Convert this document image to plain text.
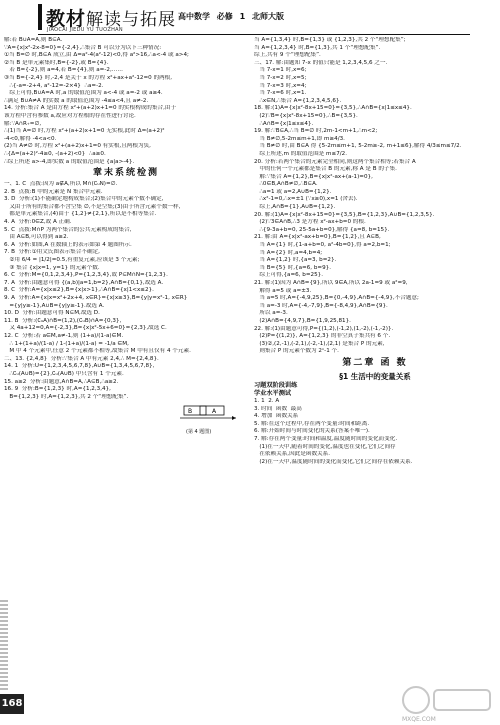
教材解读与拓展
JIAOCAI JIEDU YU TUOZHAN
高中数学 必修 1 北师大版
解:若 B∪A=A,则 B⊆A.
∵A={x|x²-2x-8=0}={-2,4},∴集合 B 可以分为以下三种情况:
①当 B=∅ 时,B⊆A 成立,由 Δ=a²-4(a²-12)<0,得 a²>16,∴a<-4 或 a>4;
②当 B 是单元素集时,B={-2},或 B={4}.
若 B={-2},则 a=4,若 B={4},则 a=-2,……
③当 B={-2,4} 时,-2,4 是关于 x 的方程 x²+ax+a²-12=0 的两根,
∴{-a=-2+4, a²-12=-2×4}  ∴a=-2.
综上可得,B∪A=A 时,a 的取值范围为 a<-4 或 a=-2 或 a≥4.
∴满足 B∪A≠A 的实数 a 的取值范围为 -4≤a<4,且 a≠-2.
14. 分析:集合 A 是由方程 x²+(a+2)x+1=0 的实根构成的集合,由于
该方程中含有参数 a,故应对方程根的存在性进行讨论.
解:∵A∩R₊=∅,
∴(1)当 A=∅ 时,方程 x²+(a+2)x+1=0 无实根,此时 Δ=(a+2)²
-4<0,解得 -4<a<0.
(2)当 A≠∅ 时,方程 x²+(a+2)x+1=0 有实根,且两根为负,
∴{Δ=(a+2)²-4≥0, -(a+2)<0}  ∴a≥0.
∴综上所述 a>-4,即实数 a 的取值范围是 {a|a>-4}.
章末系统检测
一、1. C  点拨:因为 a∉A,所以 M∩(∁ᵤN)=∅.
2. B  点拨:B 中的元素是 N 集合中元素.
3. D  分析:(1)不能确定地构成集合;(2)集合中的元素个数不确定,
又由于所有的集合都不含空集 ∅,不是空集;(3)由于所含元素个数一样,
都是单元素集合,(4)由于 {1,2}≠{2,1},所以是不相等集合.
4. A  分析:0∈Z,故 A 正确.
5. C  点拨:M∩P 为两个集合的公共元素构成的集合,
由 A⊆B,可以得到 a≥2.
6. A  分析:如图,A 在数轴上的表示如第 4 题图所示.
7. B  分析:①用文氏图表示集合不确定,
②用 6/4 = |1/2|=0.5,有重复元素,应该是 3 个元素;
③ 集合 {x|x=1, y=1} 的元素个数.
6. C  分析:M={0,1,2,3,4},P={1,2,3,4},故 P⊆M∩N={1,2,3}.
7. A  分析:由题意可得 {(a,b)|a=1,b=2},A∩B={0,1},故选 A.
8. C  分析:A={x|x≤2},B={x|x>1},∴A∩B={x|1<x≤2}.
9. A  分析:A={x|x=x²+2x+4, x∈R}={x|x≥3},B={y|y=x²-1, x∈R}
={y|y≥-1},A∪B={y|y≥-1}.故选 A.
10. D  分析:由题意可得 N⊆M,故选 D.
11. B  分析:(∁ᵤA)∩B=(1,2),(∁ᵤB)∩A={0,3},
又 4a+12=0,A={-2,3},B={x|x²-5x+6=0}={2,3},故选 C.
12. C  分析:若 a∈M,a≠-1,则 (1+a)/(1-a)∈M.
∴ 1+(1+a)/(1-a) / 1-(1+a)/(1-a) = -1/a ∈M,
M 中 4 个元素中,任意 2 个元素都不相等,故集合 M 中有且仅有 4 个元素.
二、13. {2,4,8}  分析:∵集合 A 中有元素 2,4,∴ M={2,4,8}.
14. 1  分析:U={1,2,3,4,5,6,7,8},A∪B={1,3,4,5,6,7,8},
∴∁ᵤ(A∪B)={2},∁ᵤ(A∪B) 中只含有 1 个元素.
15. a≥2  分析:由题意,A∩B=A,∴A⊆B,∴a≥2.
16. 9  分析:B={1,2,3} 时,A={1,2,3,4},
B={1,2,3} 时,A={1,2,3},共 2 个“理想配集”.
B	A
(第 4 题图)
当 A={1,3,4} 时,B={1,3} 或 {1,2,3},共 2 个“理想配集”;
当 A={1,2,3,4} 时,B={1,3},共 1 个“理想配集”.
综上,共有 9 个“理想配集”.
三、17. 解:由题知 7-x 的值只能是 1,2,3,4,5,6 之一.
当 7-x=1 时,x=6;
当 7-x=2 时,x=5;
当 7-x=3 时,x=4;
当 7-x=6 时,x=1.
∴x∈N,∴集合 A={1,2,3,4,5,6}.
18. 解:(1)A={x|x²-8x+15=0}={3,5},∴A∩B={x|1≤x≤4}.
(2)∵B={x|x²-8x+15=0},∴B={3,5}.
∴A∩B={x|1≤x≤4}.
19. 解:∵B⊆A,∴当 B=∅ 时,2m-1<m+1,∴m<2;
当 B≠∅,5-2m≤m+1,即 m≥4/3.
当 B≠∅ 时,由 B⊆A 得 {5-2m≤m+1, 5-2m≥-2, m+1≤6},解得 4/3≤m≤7/2.
综上所述,m 的取值范围是 m≤7/2.
20. 分析:若两个集合的元素完全相同,则这两个集合相等;若集合 A
中的任何一个元素都是集合 B 的元素,称 A 是 B 的子集.
解:∵集合 A={1,2},B={x|x²-ax+(a-1)=0},
∴0∈B,A∩B≠∅,∴B⊆A.
∴a=1 或 a=2,A∪B={1,2}.
∴x²-1=0,∴x=±1 (∵x≥0),x=1 (舍去).
综上,A∩B={1},A∪B={1,2}.
20. 解:(1)A={x|x²-8x+15=0}={3,5},B={1,2,3},A∪B={1,2,3,5}.
(2)∵3∈A∩B,∴3 是方程 x²-ax+b=0 的根.
∴{9-3a+b=0, 25-5a+b=0},解得 {a=8, b=15}.
21. 解:由 A={x|x²-ax+b=0},B={1,2},且 A⊆B,
当 A={1} 时,{1-a+b=0, a²-4b=0},得 a=2,b=1;
当 A={2} 时,a=4,b=4;
当 A={1,2} 时,{a=3, b=2}.
当 B={5} 时,{a=6, b=9}.
综上可得,{a=6, b=25}.
21. 解:(1)因为 A∩B={9},所以 9∈A,所以 2a-1=9 或 a²=9,
解得 a=5 或 a=±3.
当 a=5 时,A={-4,9,25},B={0,-4,9},A∩B={-4,9},不合题意;
当 a=-3 时,A={-4,-7,9},B={-8,4,9},A∩B={9}.
所以 a=-3.
(2)A∩B={4,9,7},B={1,9,25,81}.
22. 解:(1)由题意可得,P={(1,2),(-1,2),(1,-2),(-1,-2)}.
(2)P={(1,2)}, A={1,2,3} 的非空真子集共有 6 个.
(3)②,(2,-1),(-2,1),(-2,-1),(2,1) 是集合 P 的元素,
则集合 P 的元素个数为 2ⁿ-1 个.
第二章 函 数
§1 生活中的变量关系
习题双阶段训练
学业水平测试
1. 1  2. A
3. 时间  函数  最高
4. 增加  函数关系
5. 解:在这个过程中,存在两个变量:时间和距离.
6. 解:开始时间与时间变化的关系(答案不唯一).
7. 解:存在两个变量:时间和温度,温度随时间的变化而变化.
(1)在一天中,随着时间的变化,温度也在变化,它们之间存
在依赖关系,因此是函数关系.
(2)在一天中,温度随时间的变化而变化,它们之间存在依赖关系.
168
MXQE.COM
